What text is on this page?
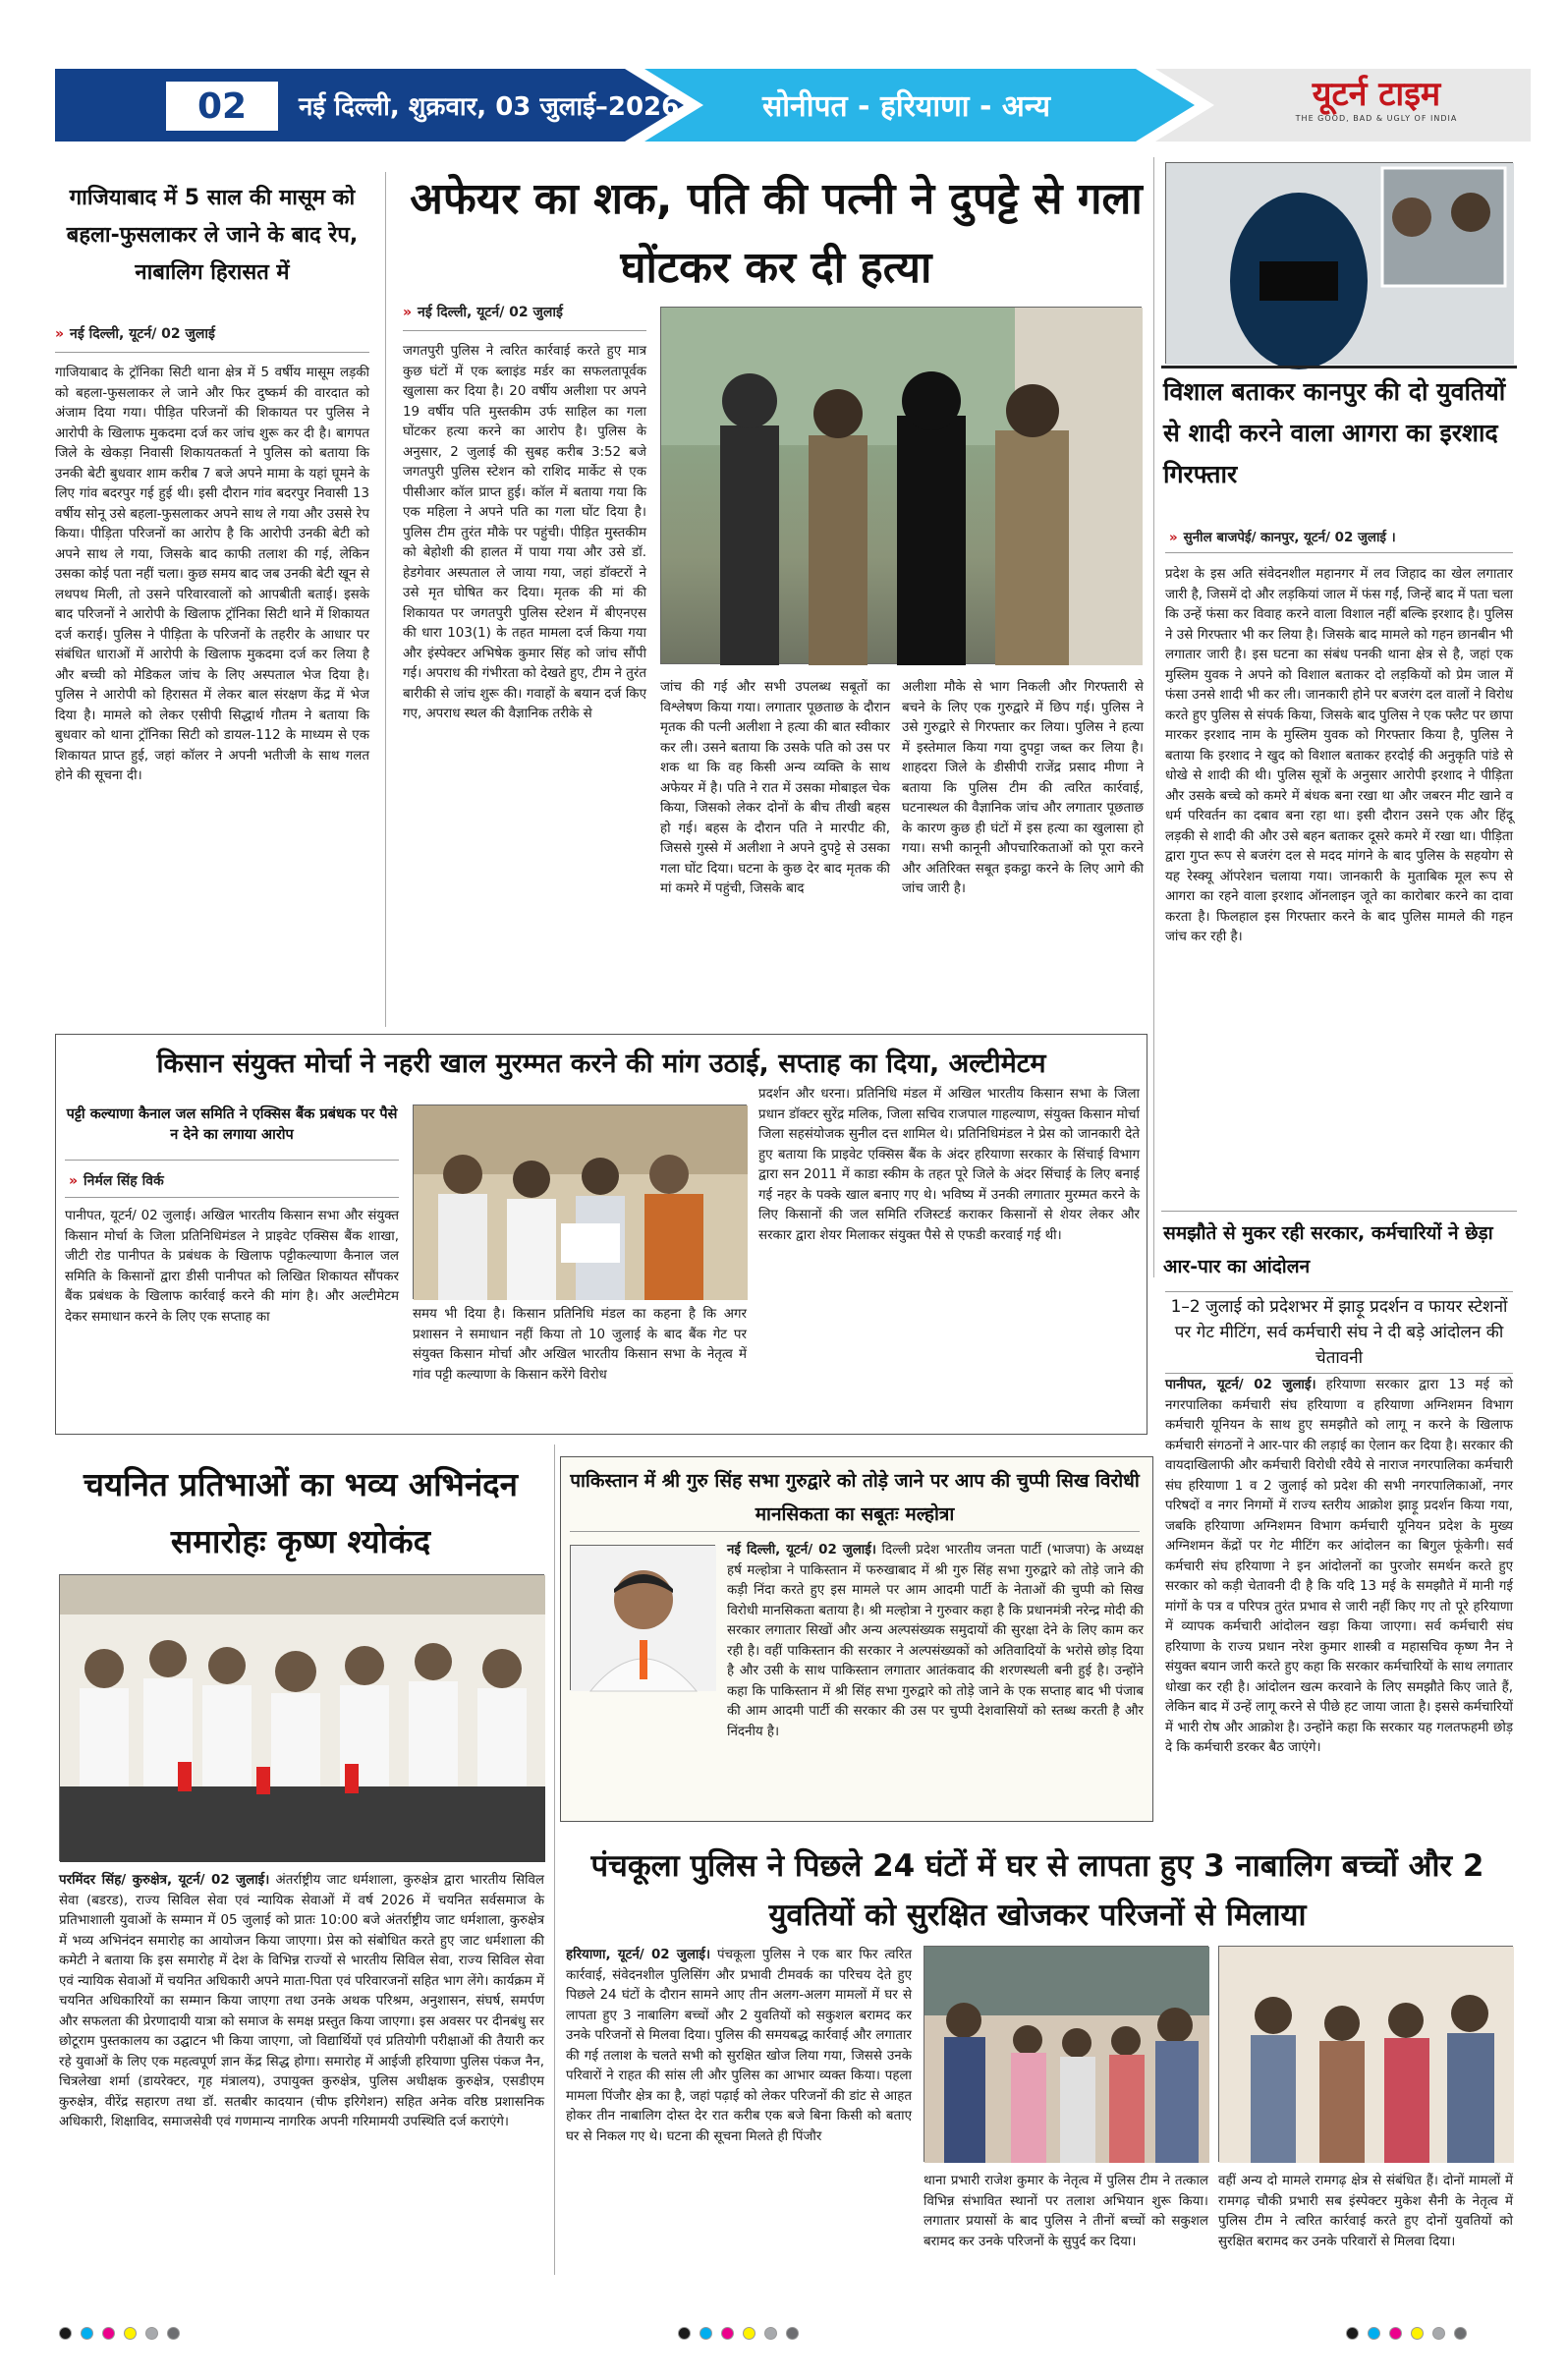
02 नई दिल्ली, शुक्रवार, 03 जुलाई–2026	सोनीपत - हरियाणा - अन्य	यूटर्न टाइम
THE GOOD, BAD & UGLY OF INDIA
गाजियाबाद में 5 साल की मासूम को बहला-फुसलाकर ले जाने के बाद रेप, नाबालिग हिरासत में
» नई दिल्ली, यूटर्न/ 02 जुलाई
गाजियाबाद के ट्रॉनिका सिटी थाना क्षेत्र में 5 वर्षीय मासूम लड़की को बहला-फुसलाकर ले जाने और फिर दुष्कर्म की वारदात को अंजाम दिया गया। पीड़ित परिजनों की शिकायत पर पुलिस ने आरोपी के खिलाफ मुकदमा दर्ज कर जांच शुरू कर दी है। बागपत जिले के खेकड़ा निवासी शिकायतकर्ता ने पुलिस को बताया कि उनकी बेटी बुधवार शाम करीब 7 बजे अपने मामा के यहां घूमने के लिए गांव बदरपुर गई हुई थी। इसी दौरान गांव बदरपुर निवासी 13 वर्षीय सोनू उसे बहला-फुसलाकर अपने साथ ले गया और उससे रेप किया। पीड़िता परिजनों का आरोप है कि आरोपी उनकी बेटी को अपने साथ ले गया, जिसके बाद काफी तलाश की गई, लेकिन उसका कोई पता नहीं चला। कुछ समय बाद जब उनकी बेटी खून से लथपथ मिली, तो उसने परिवारवालों को आपबीती बताई। इसके बाद परिजनों ने आरोपी के खिलाफ ट्रॉनिका सिटी थाने में शिकायत दर्ज कराई। पुलिस ने पीड़िता के परिजनों के तहरीर के आधार पर संबंधित धाराओं में आरोपी के खिलाफ मुकदमा दर्ज कर लिया है और बच्ची को मेडिकल जांच के लिए अस्पताल भेज दिया है। पुलिस ने आरोपी को हिरासत में लेकर बाल संरक्षण केंद्र में भेज दिया है। मामले को लेकर एसीपी सिद्धार्थ गौतम ने बताया कि बुधवार को थाना ट्रॉनिका सिटी को डायल-112 के माध्यम से एक शिकायत प्राप्त हुई, जहां कॉलर ने अपनी भतीजी के साथ गलत होने की सूचना दी।
अफेयर का शक, पति की पत्नी ने दुपट्टे से गला घोंटकर कर दी हत्या
» नई दिल्ली, यूटर्न/ 02 जुलाई
जगतपुरी पुलिस ने त्वरित कार्रवाई करते हुए मात्र कुछ घंटों में एक ब्लाइंड मर्डर का सफलतापूर्वक खुलासा कर दिया है। 20 वर्षीय अलीशा पर अपने 19 वर्षीय पति मुस्तकीम उर्फ साहिल का गला घोंटकर हत्या करने का आरोप है। पुलिस के अनुसार, 2 जुलाई की सुबह करीब 3:52 बजे जगतपुरी पुलिस स्टेशन को राशिद मार्केट से एक पीसीआर कॉल प्राप्त हुई। कॉल में बताया गया कि एक महिला ने अपने पति का गला घोंट दिया है। पुलिस टीम तुरंत मौके पर पहुंची। पीड़ित मुस्तकीम को बेहोशी की हालत में पाया गया और उसे डॉ. हेडगेवार अस्पताल ले जाया गया, जहां डॉक्टरों ने उसे मृत घोषित कर दिया। मृतक की मां की शिकायत पर जगतपुरी पुलिस स्टेशन में बीएनएस की धारा 103(1) के तहत मामला दर्ज किया गया और इंस्पेक्टर अभिषेक कुमार सिंह को जांच सौंपी गई। अपराध की गंभीरता को देखते हुए, टीम ने तुरंत बारीकी से जांच शुरू की। गवाहों के बयान दर्ज किए गए, अपराध स्थल की वैज्ञानिक तरीके से
जांच की गई और सभी उपलब्ध सबूतों का विश्लेषण किया गया। लगातार पूछताछ के दौरान मृतक की पत्नी अलीशा ने हत्या की बात स्वीकार कर ली। उसने बताया कि उसके पति को उस पर शक था कि वह किसी अन्य व्यक्ति के साथ अफेयर में है। पति ने रात में उसका मोबाइल चेक किया, जिसको लेकर दोनों के बीच तीखी बहस हो गई। बहस के दौरान पति ने मारपीट की, जिससे गुस्से में अलीशा ने अपने दुपट्टे से उसका गला घोंट दिया। घटना के कुछ देर बाद मृतक की मां कमरे में पहुंची, जिसके बाद
अलीशा मौके से भाग निकली और गिरफ्तारी से बचने के लिए एक गुरुद्वारे में छिप गई। पुलिस ने उसे गुरुद्वारे से गिरफ्तार कर लिया। पुलिस ने हत्या में इस्तेमाल किया गया दुपट्टा जब्त कर लिया है। शाहदरा जिले के डीसीपी राजेंद्र प्रसाद मीणा ने बताया कि पुलिस टीम की त्वरित कार्रवाई, घटनास्थल की वैज्ञानिक जांच और लगातार पूछताछ के कारण कुछ ही घंटों में इस हत्या का खुलासा हो गया। सभी कानूनी औपचारिकताओं को पूरा करने और अतिरिक्त सबूत इकट्ठा करने के लिए आगे की जांच जारी है।
विशाल बताकर कानपुर की दो युवतियों से शादी करने वाला आगरा का इरशाद गिरफ्तार
» सुनील बाजपेई/ कानपुर, यूटर्न/ 02 जुलाई ।
प्रदेश के इस अति संवेदनशील महानगर में लव जिहाद का खेल लगातार जारी है, जिसमें दो और लड़कियां जाल में फंस गईं, जिन्हें बाद में पता चला कि उन्हें फंसा कर विवाह करने वाला विशाल नहीं बल्कि इरशाद है। पुलिस ने उसे गिरफ्तार भी कर लिया है। जिसके बाद मामले को गहन छानबीन भी लगातार जारी है। इस घटना का संबंध पनकी थाना क्षेत्र से है, जहां एक मुस्लिम युवक ने अपने को विशाल बताकर दो लड़कियों को प्रेम जाल में फंसा उनसे शादी भी कर ली। जानकारी होने पर बजरंग दल वालों ने विरोध करते हुए पुलिस से संपर्क किया, जिसके बाद पुलिस ने एक फ्लैट पर छापा मारकर इरशाद नाम के मुस्लिम युवक को गिरफ्तार किया है, पुलिस ने बताया कि इरशाद ने खुद को विशाल बताकर हरदोई की अनुकृति पांडे से धोखे से शादी की थी। पुलिस सूत्रों के अनुसार आरोपी इरशाद ने पीड़िता और उसके बच्चे को कमरे में बंधक बना रखा था और जबरन मीट खाने व धर्म परिवर्तन का दबाव बना रहा था। इसी दौरान उसने एक और हिंदू लड़की से शादी की और उसे बहन बताकर दूसरे कमरे में रखा था। पीड़िता द्वारा गुप्त रूप से बजरंग दल से मदद मांगने के बाद पुलिस के सहयोग से यह रेस्क्यू ऑपरेशन चलाया गया। जानकारी के मुताबिक मूल रूप से आगरा का रहने वाला इरशाद ऑनलाइन जूते का कारोबार करने का दावा करता है। फिलहाल इस गिरफ्तार करने के बाद पुलिस मामले की गहन जांच कर रही है।
किसान संयुक्त मोर्चा ने नहरी खाल मुरम्मत करने की मांग उठाई, सप्ताह का दिया, अल्टीमेटम
पट्टी कल्याणा कैनाल जल समिति ने एक्सिस बैंक प्रबंधक पर पैसे न देने का लगाया आरोप
» निर्मल सिंह विर्क
पानीपत, यूटर्न/ 02 जुलाई। अखिल भारतीय किसान सभा और संयुक्त किसान मोर्चा के जिला प्रतिनिधिमंडल ने प्राइवेट एक्सिस बैंक शाखा, जीटी रोड पानीपत के प्रबंधक के खिलाफ पट्टीकल्याणा कैनाल जल समिति के किसानों द्वारा डीसी पानीपत को लिखित शिकायत सौंपकर बैंक प्रबंधक के खिलाफ कार्रवाई करने की मांग है। और अल्टीमेटम देकर समाधान करने के लिए एक सप्ताह का	समय भी दिया है। किसान प्रतिनिधि मंडल का कहना है कि अगर प्रशासन ने समाधान नहीं किया तो 10 जुलाई के बाद बैंक गेट पर संयुक्त किसान मोर्चा और अखिल भारतीय किसान सभा के नेतृत्व में गांव पट्टी कल्याणा के किसान करेंगे विरोध
प्रदर्शन और धरना। प्रतिनिधि मंडल में अखिल भारतीय किसान सभा के जिला प्रधान डॉक्टर सुरेंद्र मलिक, जिला सचिव राजपाल गाहल्याण, संयुक्त किसान मोर्चा जिला सहसंयोजक सुनील दत्त शामिल थे। प्रतिनिधिमंडल ने प्रेस को जानकारी देते हुए बताया कि प्राइवेट एक्सिस बैंक के अंदर हरियाणा सरकार के सिंचाई विभाग द्वारा सन 2011 में काडा स्कीम के तहत पूरे जिले के अंदर सिंचाई के लिए बनाई गई नहर के पक्के खाल बनाए गए थे। भविष्य में उनकी लगातार मुरम्मत करने के लिए किसानों की जल समिति रजिस्टर्ड कराकर किसानों से शेयर लेकर और सरकार द्वारा शेयर मिलाकर संयुक्त पैसे से एफडी करवाई गई थी।	समझौते से मुकर रही सरकार, कर्मचारियों ने छेड़ा आर-पार का आंदोलन
1–2 जुलाई को प्रदेशभर में झाड़ू प्रदर्शन व फायर स्टेशनों पर गेट मीटिंग, सर्व कर्मचारी संघ ने दी बड़े आंदोलन की चेतावनी
पानीपत, यूटर्न/ 02 जुलाई। हरियाणा सरकार द्वारा 13 मई को नगरपालिका कर्मचारी संघ हरियाणा व हरियाणा अग्निशमन विभाग कर्मचारी यूनियन के साथ हुए समझौते को लागू न करने के खिलाफ कर्मचारी संगठनों ने आर-पार की लड़ाई का ऐलान कर दिया है। सरकार की वायदाखिलाफी और कर्मचारी विरोधी रवैये से नाराज नगरपालिका कर्मचारी संघ हरियाणा 1 व 2 जुलाई को प्रदेश की सभी नगरपालिकाओं, नगर परिषदों व नगर निगमों में राज्य स्तरीय आक्रोश झाड़ू प्रदर्शन किया गया, जबकि हरियाणा अग्निशमन विभाग कर्मचारी यूनियन प्रदेश के मुख्य अग्निशमन केंद्रों पर गेट मीटिंग कर आंदोलन का बिगुल फूंकेगी। सर्व कर्मचारी संघ हरियाणा ने इन आंदोलनों का पुरजोर समर्थन करते हुए सरकार को कड़ी चेतावनी दी है कि यदि 13 मई के समझौते में मानी गई मांगों के पत्र व परिपत्र तुरंत प्रभाव से जारी नहीं किए गए तो पूरे हरियाणा में व्यापक कर्मचारी आंदोलन खड़ा किया जाएगा। सर्व कर्मचारी संघ हरियाणा के राज्य प्रधान नरेश कुमार शास्त्री व महासचिव कृष्ण नैन ने संयुक्त बयान जारी करते हुए कहा कि सरकार कर्मचारियों के साथ लगातार धोखा कर रही है। आंदोलन खत्म करवाने के लिए समझौते किए जाते हैं, लेकिन बाद में उन्हें लागू करने से पीछे हट जाया जाता है। इससे कर्मचारियों में भारी रोष और आक्रोश है। उन्होंने कहा कि सरकार यह गलतफहमी छोड़ दे कि कर्मचारी डरकर बैठ जाएंगे।
चयनित प्रतिभाओं का भव्य अभिनंदन समारोहः कृष्ण श्योकंद
परमिंदर सिंह/ कुरुक्षेत्र, यूटर्न/ 02 जुलाई। अंतर्राष्ट्रीय जाट धर्मशाला, कुरुक्षेत्र द्वारा भारतीय सिविल सेवा (बडरड), राज्य सिविल सेवा एवं न्यायिक सेवाओं में वर्ष 2026 में चयनित सर्वसमाज के प्रतिभाशाली युवाओं के सम्मान में 05 जुलाई को प्रातः 10:00 बजे अंतर्राष्ट्रीय जाट धर्मशाला, कुरुक्षेत्र में भव्य अभिनंदन समारोह का आयोजन किया जाएगा। प्रेस को संबोधित करते हुए जाट धर्मशाला की कमेटी ने बताया कि इस समारोह में देश के विभिन्न राज्यों से भारतीय सिविल सेवा, राज्य सिविल सेवा एवं न्यायिक सेवाओं में चयनित अधिकारी अपने माता-पिता एवं परिवारजनों सहित भाग लेंगे। कार्यक्रम में चयनित अधिकारियों का सम्मान किया जाएगा तथा उनके अथक परिश्रम, अनुशासन, संघर्ष, समर्पण और सफलता की प्रेरणादायी यात्रा को समाज के समक्ष प्रस्तुत किया जाएगा। इस अवसर पर दीनबंधु सर छोटूराम पुस्तकालय का उद्घाटन भी किया जाएगा, जो विद्यार्थियों एवं प्रतियोगी परीक्षाओं की तैयारी कर रहे युवाओं के लिए एक महत्वपूर्ण ज्ञान केंद्र सिद्ध होगा। समारोह में आईजी हरियाणा पुलिस पंकज नैन, चित्रलेखा शर्मा (डायरेक्टर, गृह मंत्रालय), उपायुक्त कुरुक्षेत्र, पुलिस अधीक्षक कुरुक्षेत्र, एसडीएम कुरुक्षेत्र, वीरेंद्र सहारण तथा डॉ. सतबीर कादयान (चीफ इरिगेशन) सहित अनेक वरिष्ठ प्रशासनिक अधिकारी, शिक्षाविद, समाजसेवी एवं गणमान्य नागरिक अपनी गरिमामयी उपस्थिति दर्ज कराएंगे।
पाकिस्तान में श्री गुरु सिंह सभा गुरुद्वारे को तोड़े जाने पर आप की चुप्पी सिख विरोधी मानसिकता का सबूतः मल्होत्रा
नई दिल्ली, यूटर्न/ 02 जुलाई। दिल्ली प्रदेश भारतीय जनता पार्टी (भाजपा) के अध्यक्ष हर्ष मल्होत्रा ने पाकिस्तान में फरुखाबाद में श्री गुरु सिंह सभा गुरुद्वारे को तोड़े जाने की कड़ी निंदा करते हुए इस मामले पर आम आदमी पार्टी के नेताओं की चुप्पी को सिख विरोधी मानसिकता बताया है। श्री मल्होत्रा ने गुरुवार कहा है कि प्रधानमंत्री नरेन्द्र मोदी की सरकार लगातार सिखों और अन्य अल्पसंख्यक समुदायों की सुरक्षा देने के लिए काम कर रही है। वहीं पाकिस्तान की सरकार ने अल्पसंख्यकों को अतिवादियों के भरोसे छोड़ दिया है और उसी के साथ पाकिस्तान लगातार आतंकवाद की शरणस्थली बनी हुई है। उन्होंने कहा कि पाकिस्तान में श्री सिंह सभा गुरुद्वारे को तोड़े जाने के एक सप्ताह बाद भी पंजाब की आम आदमी पार्टी की सरकार की उस पर चुप्पी देशवासियों को स्तब्ध करती है और निंदनीय है।
पंचकूला पुलिस ने पिछले 24 घंटों में घर से लापता हुए 3 नाबालिग बच्चों और 2 युवतियों को सुरक्षित खोजकर परिजनों से मिलाया
हरियाणा, यूटर्न/ 02 जुलाई। पंचकूला पुलिस ने एक बार फिर त्वरित कार्रवाई, संवेदनशील पुलिसिंग और प्रभावी टीमवर्क का परिचय देते हुए पिछले 24 घंटों के दौरान सामने आए तीन अलग-अलग मामलों में घर से लापता हुए 3 नाबालिग बच्चों और 2 युवतियों को सकुशल बरामद कर उनके परिजनों से मिलवा दिया। पुलिस की समयबद्ध कार्रवाई और लगातार की गई तलाश के चलते सभी को सुरक्षित खोज लिया गया, जिससे उनके परिवारों ने राहत की सांस ली और पुलिस का आभार व्यक्त किया। पहला मामला पिंजौर क्षेत्र का है, जहां पढ़ाई को लेकर परिजनों की डांट से आहत होकर तीन नाबालिग दोस्त देर रात करीब एक बजे बिना किसी को बताए घर से निकल गए थे। घटना की सूचना मिलते ही पिंजौर
थाना प्रभारी राजेश कुमार के नेतृत्व में पुलिस टीम ने तत्काल विभिन्न संभावित स्थानों पर तलाश अभियान शुरू किया। लगातार प्रयासों के बाद पुलिस ने तीनों बच्चों को सकुशल बरामद कर उनके परिजनों के सुपुर्द कर दिया।
वहीं अन्य दो मामले रामगढ़ क्षेत्र से संबंधित हैं। दोनों मामलों में रामगढ़ चौकी प्रभारी सब इंस्पेक्टर मुकेश सैनी के नेतृत्व में पुलिस टीम ने त्वरित कार्रवाई करते हुए दोनों युवतियों को सुरक्षित बरामद कर उनके परिवारों से मिलवा दिया।
